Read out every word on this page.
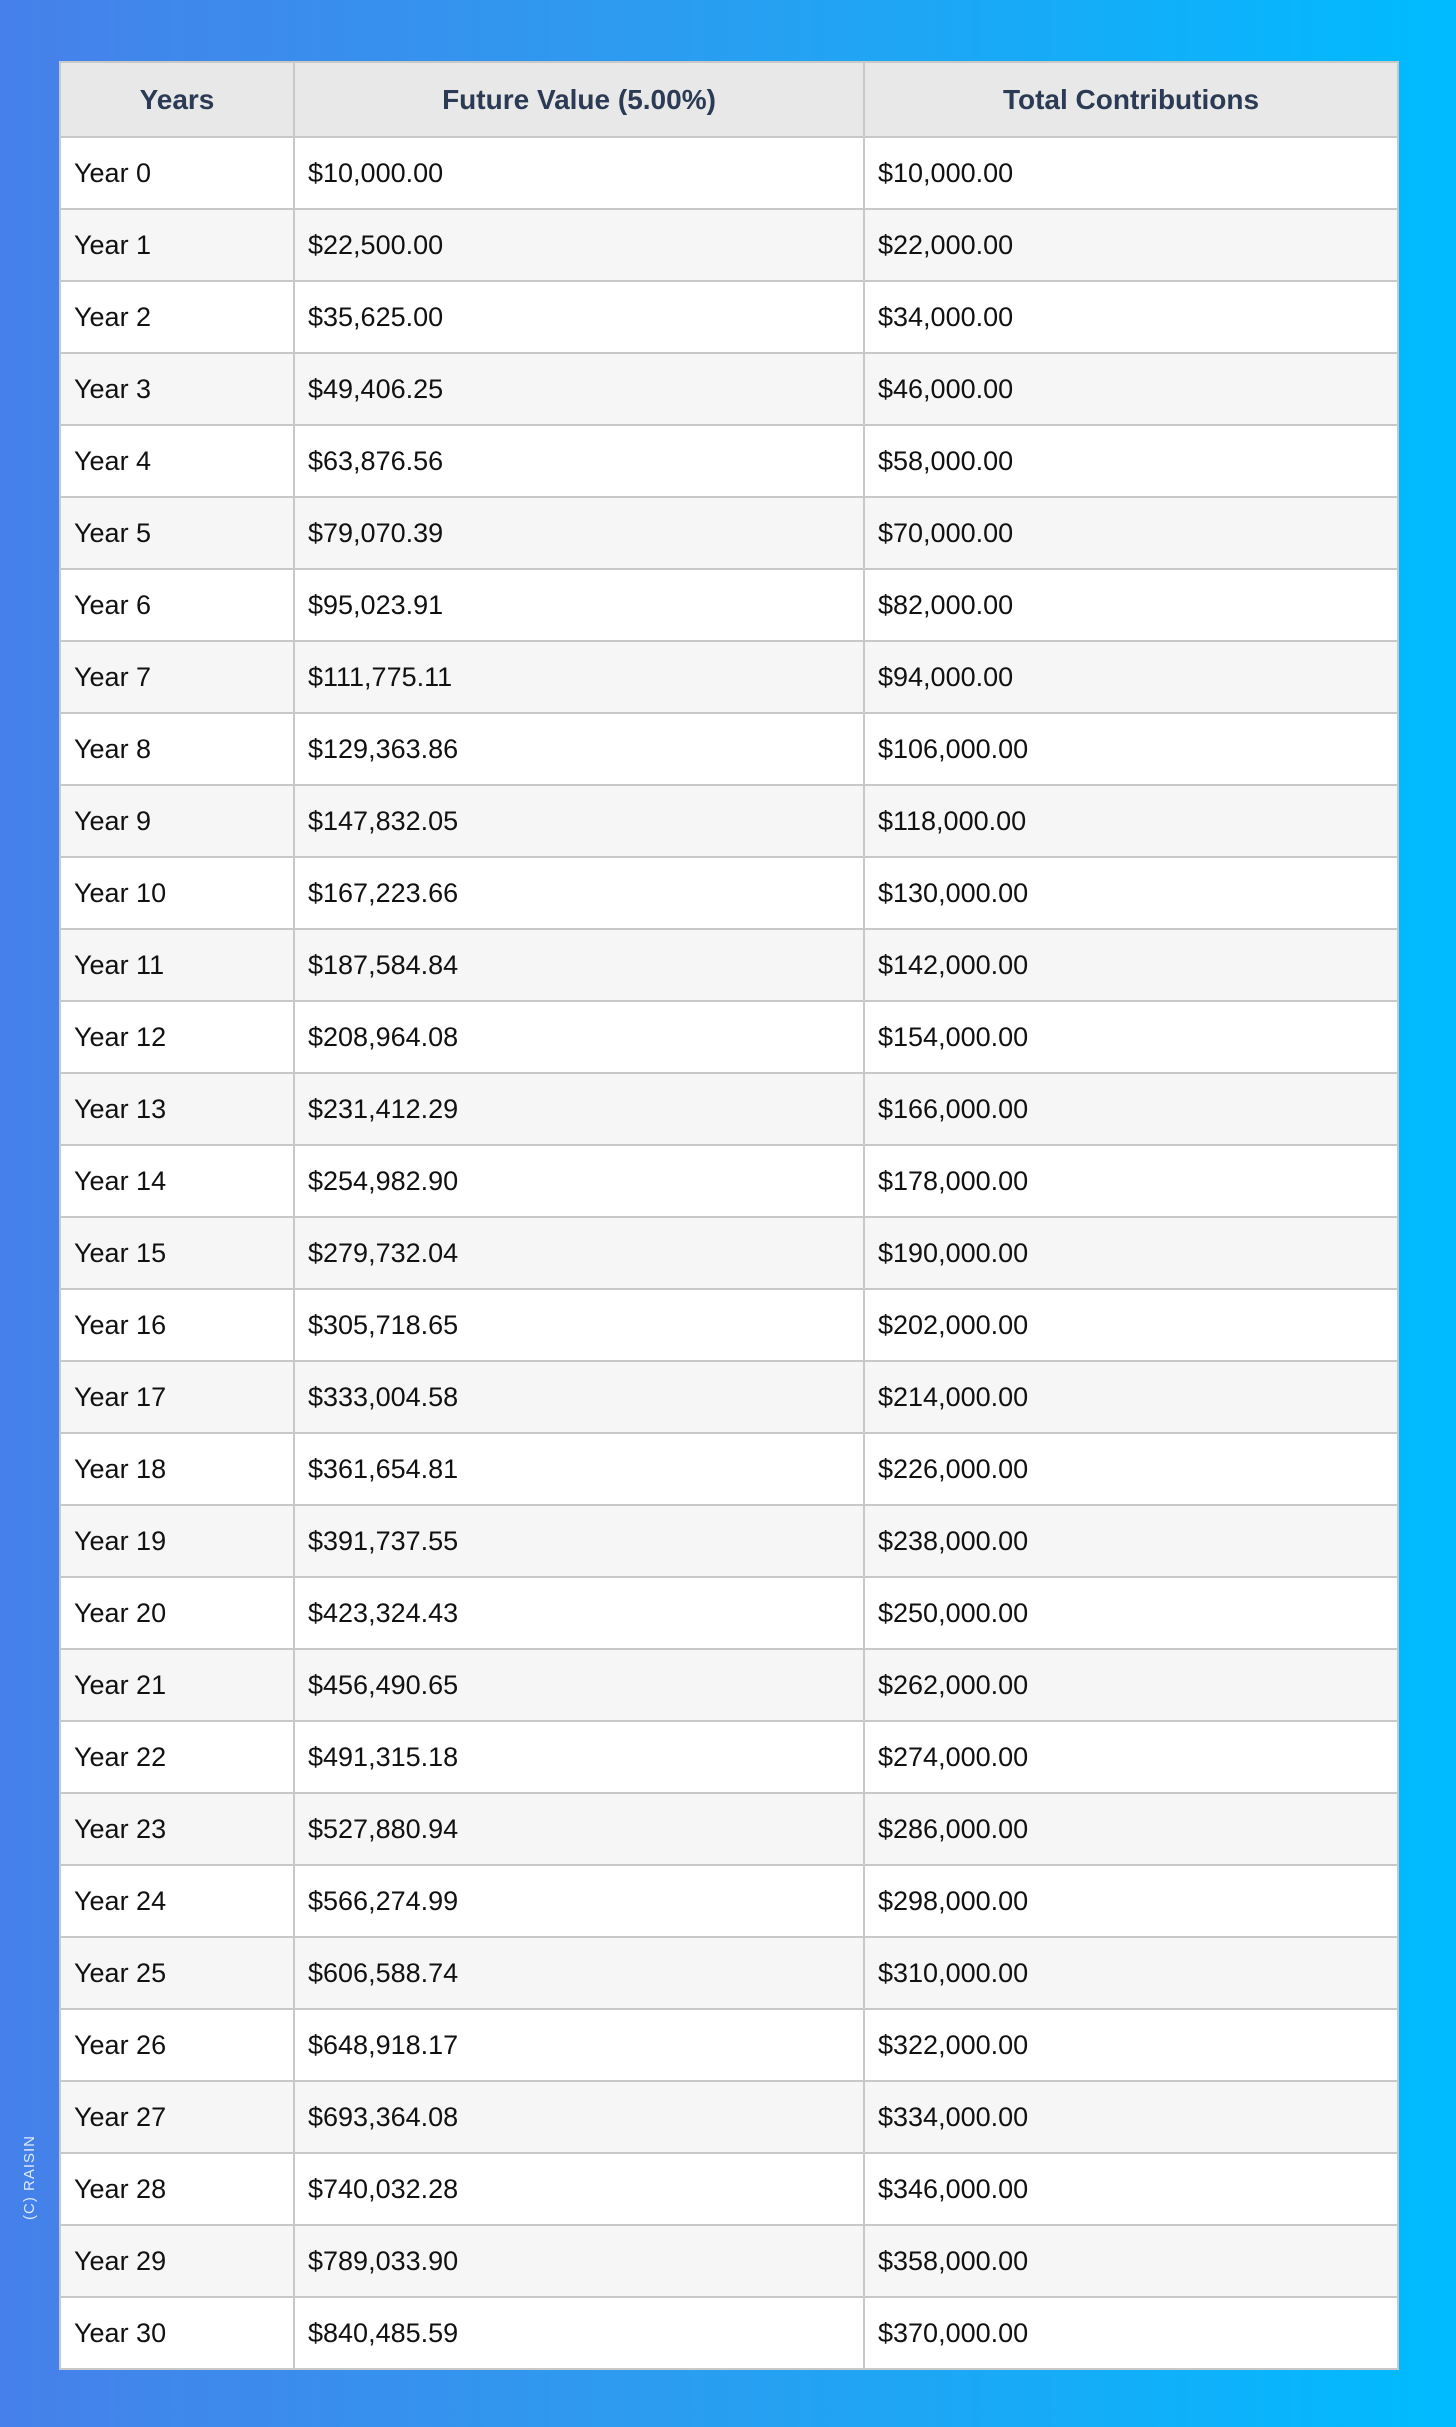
Years	Future Value (5.00%)	Total Contributions
Year 0	$10,000.00	$10,000.00
Year 1	$22,500.00	$22,000.00
Year 2	$35,625.00	$34,000.00
Year 3	$49,406.25	$46,000.00
Year 4	$63,876.56	$58,000.00
Year 5	$79,070.39	$70,000.00
Year 6	$95,023.91	$82,000.00
Year 7	$111,775.11	$94,000.00
Year 8	$129,363.86	$106,000.00
Year 9	$147,832.05	$118,000.00
Year 10	$167,223.66	$130,000.00
Year 11	$187,584.84	$142,000.00
Year 12	$208,964.08	$154,000.00
Year 13	$231,412.29	$166,000.00
Year 14	$254,982.90	$178,000.00
Year 15	$279,732.04	$190,000.00
Year 16	$305,718.65	$202,000.00
Year 17	$333,004.58	$214,000.00
Year 18	$361,654.81	$226,000.00
Year 19	$391,737.55	$238,000.00
Year 20	$423,324.43	$250,000.00
Year 21	$456,490.65	$262,000.00
Year 22	$491,315.18	$274,000.00
Year 23	$527,880.94	$286,000.00
Year 24	$566,274.99	$298,000.00
Year 25	$606,588.74	$310,000.00
Year 26	$648,918.17	$322,000.00
Year 27	$693,364.08	$334,000.00
Year 28	$740,032.28	$346,000.00
Year 29	$789,033.90	$358,000.00
Year 30	$840,485.59	$370,000.00
(C) RAISIN
